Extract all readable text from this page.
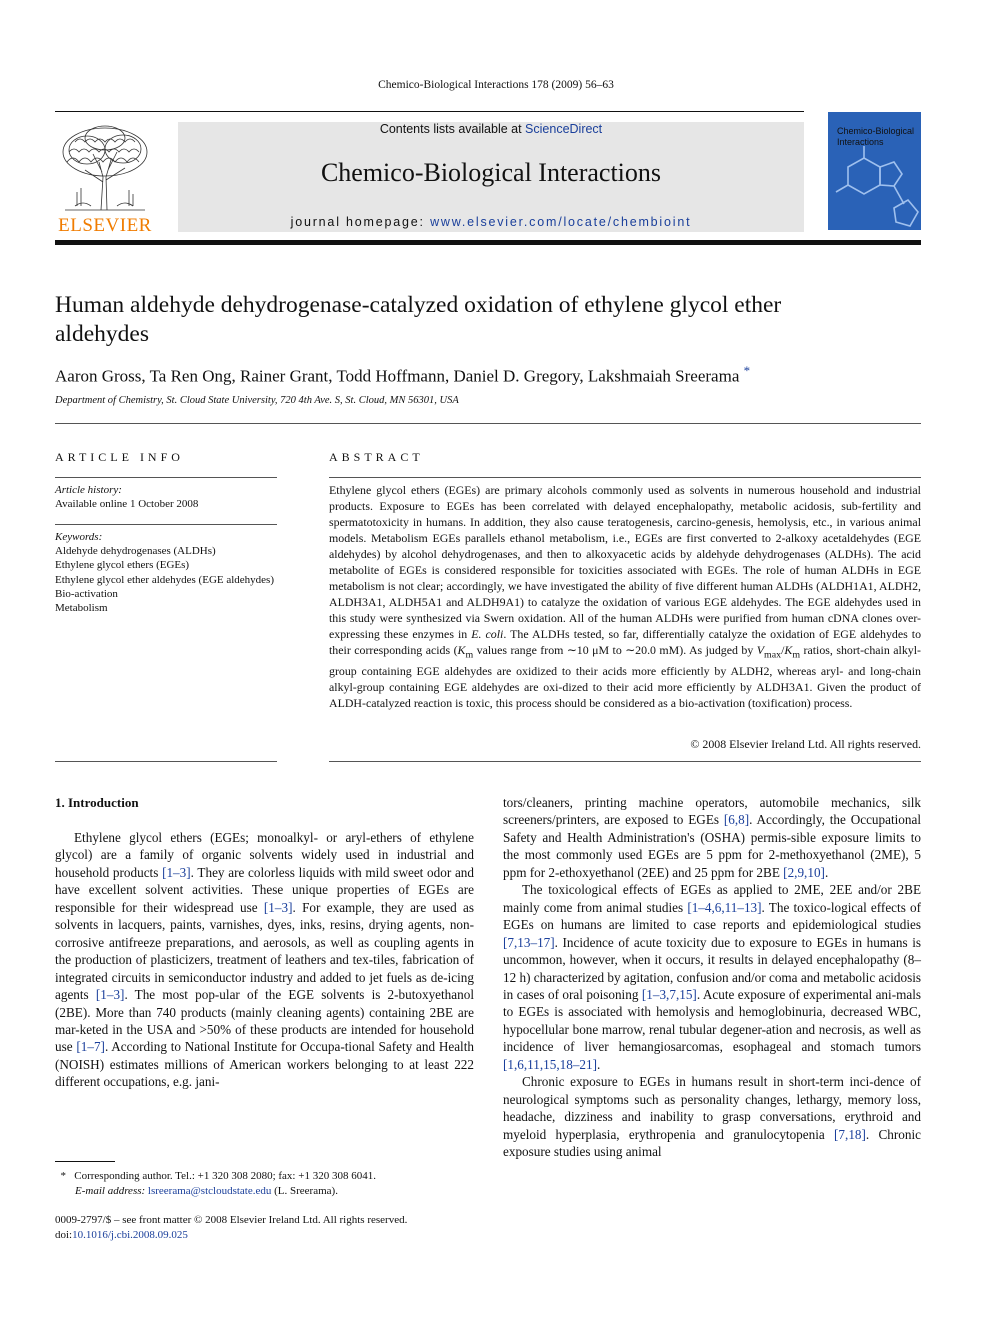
Chemico-Biological Interactions 178 (2009) 56–63
ELSEVIER
Contents lists available at ScienceDirect
Chemico-Biological Interactions
journal homepage: www.elsevier.com/locate/chembioint
Chemico-Biological Interactions
Human aldehyde dehydrogenase-catalyzed oxidation of ethylene glycol ether aldehydes
Aaron Gross, Ta Ren Ong, Rainer Grant, Todd Hoffmann, Daniel D. Gregory, Lakshmaiah Sreerama *
Department of Chemistry, St. Cloud State University, 720 4th Ave. S, St. Cloud, MN 56301, USA
ARTICLE INFO	ABSTRACT
Article history:
Available online 1 October 2008
Keywords:
Aldehyde dehydrogenases (ALDHs)
Ethylene glycol ethers (EGEs)
Ethylene glycol ether aldehydes (EGE aldehydes)
Bio-activation
Metabolism
Ethylene glycol ethers (EGEs) are primary alcohols commonly used as solvents in numerous household and industrial products. Exposure to EGEs has been correlated with delayed encephalopathy, metabolic acidosis, sub-fertility and spermatotoxicity in humans. In addition, they also cause teratogenesis, carcino-genesis, hemolysis, etc., in various animal models. Metabolism EGEs parallels ethanol metabolism, i.e., EGEs are first converted to 2-alkoxy acetaldehydes (EGE aldehydes) by alcohol dehydrogenases, and then to alkoxyacetic acids by aldehyde dehydrogenases (ALDHs). The acid metabolite of EGEs is considered responsible for toxicities associated with EGEs. The role of human ALDHs in EGE metabolism is not clear; accordingly, we have investigated the ability of five different human ALDHs (ALDH1A1, ALDH2, ALDH3A1, ALDH5A1 and ALDH9A1) to catalyze the oxidation of various EGE aldehydes. The EGE aldehydes used in this study were synthesized via Swern oxidation. All of the human ALDHs were purified from human cDNA clones over-expressing these enzymes in E. coli. The ALDHs tested, so far, differentially catalyze the oxidation of EGE aldehydes to their corresponding acids ($K_m$ values range from ∼10 μM to ∼20.0 mM). As judged by $V_{max}/K_m$ ratios, short-chain alkyl-group containing EGE aldehydes are oxidized to their acids more efficiently by ALDH2, whereas aryl- and long-chain alkyl-group containing EGE aldehydes are oxi-dized to their acid more efficiently by ALDH3A1. Given the product of ALDH-catalyzed reaction is toxic, this process should be considered as a bio-activation (toxification) process.
© 2008 Elsevier Ireland Ltd. All rights reserved.
1. Introduction

Ethylene glycol ethers (EGEs; monoalkyl- or aryl-ethers of ethylene glycol) are a family of organic solvents widely used in industrial and household products [1–3]. They are colorless liquids with mild sweet odor and have excellent solvent activities. These unique properties of EGEs are responsible for their widespread use [1–3]. For example, they are used as solvents in lacquers, paints, varnishes, dyes, inks, resins, drying agents, non-corrosive antifreeze preparations, and aerosols, as well as coupling agents in the production of plasticizers, treatment of leathers and tex-tiles, fabrication of integrated circuits in semiconductor industry and added to jet fuels as de-icing agents [1–3]. The most pop-ular of the EGE solvents is 2-butoxyethanol (2BE). More than 740 products (mainly cleaning agents) containing 2BE are mar-keted in the USA and >50% of these products are intended for household use [1–7]. According to National Institute for Occupa-tional Safety and Health (NOISH) estimates millions of American workers belonging to at least 222 different occupations, e.g. jani-

tors/cleaners, printing machine operators, automobile mechanics, silk screeners/printers, are exposed to EGEs [6,8]. Accordingly, the Occupational Safety and Health Administration's (OSHA) permis-sible exposure limits to the most commonly used EGEs are 5 ppm for 2-methoxyethanol (2ME), 5 ppm for 2-ethoxyethanol (2EE) and 25 ppm for 2BE [2,9,10].

The toxicological effects of EGEs as applied to 2ME, 2EE and/or 2BE mainly come from animal studies [1–4,6,11–13]. The toxico-logical effects of EGEs on humans are limited to case reports and epidemiological studies [7,13–17]. Incidence of acute toxicity due to exposure to EGEs in humans is uncommon, however, when it occurs, it results in delayed encephalopathy (8–12 h) characterized by agitation, confusion and/or coma and metabolic acidosis in cases of oral poisoning [1–3,7,15]. Acute exposure of experimental ani-mals to EGEs is associated with hemolysis and hemoglobinuria, decreased WBC, hypocellular bone marrow, renal tubular degener-ation and necrosis, as well as incidence of liver hemangiosarcomas, esophageal and stomach tumors [1,6,11,15,18–21].

Chronic exposure to EGEs in humans result in short-term inci-dence of neurological symptoms such as personality changes, lethargy, memory loss, headache, dizziness and inability to grasp conversations, erythroid and myeloid hyperplasia, erythropenia and granulocytopenia [7,18]. Chronic exposure studies using animal

* Corresponding author. Tel.: +1 320 308 2080; fax: +1 320 308 6041.
E-mail address: lsreerama@stcloudstate.edu (L. Sreerama).
0009-2797/$ – see front matter © 2008 Elsevier Ireland Ltd. All rights reserved.
doi:10.1016/j.cbi.2008.09.025
